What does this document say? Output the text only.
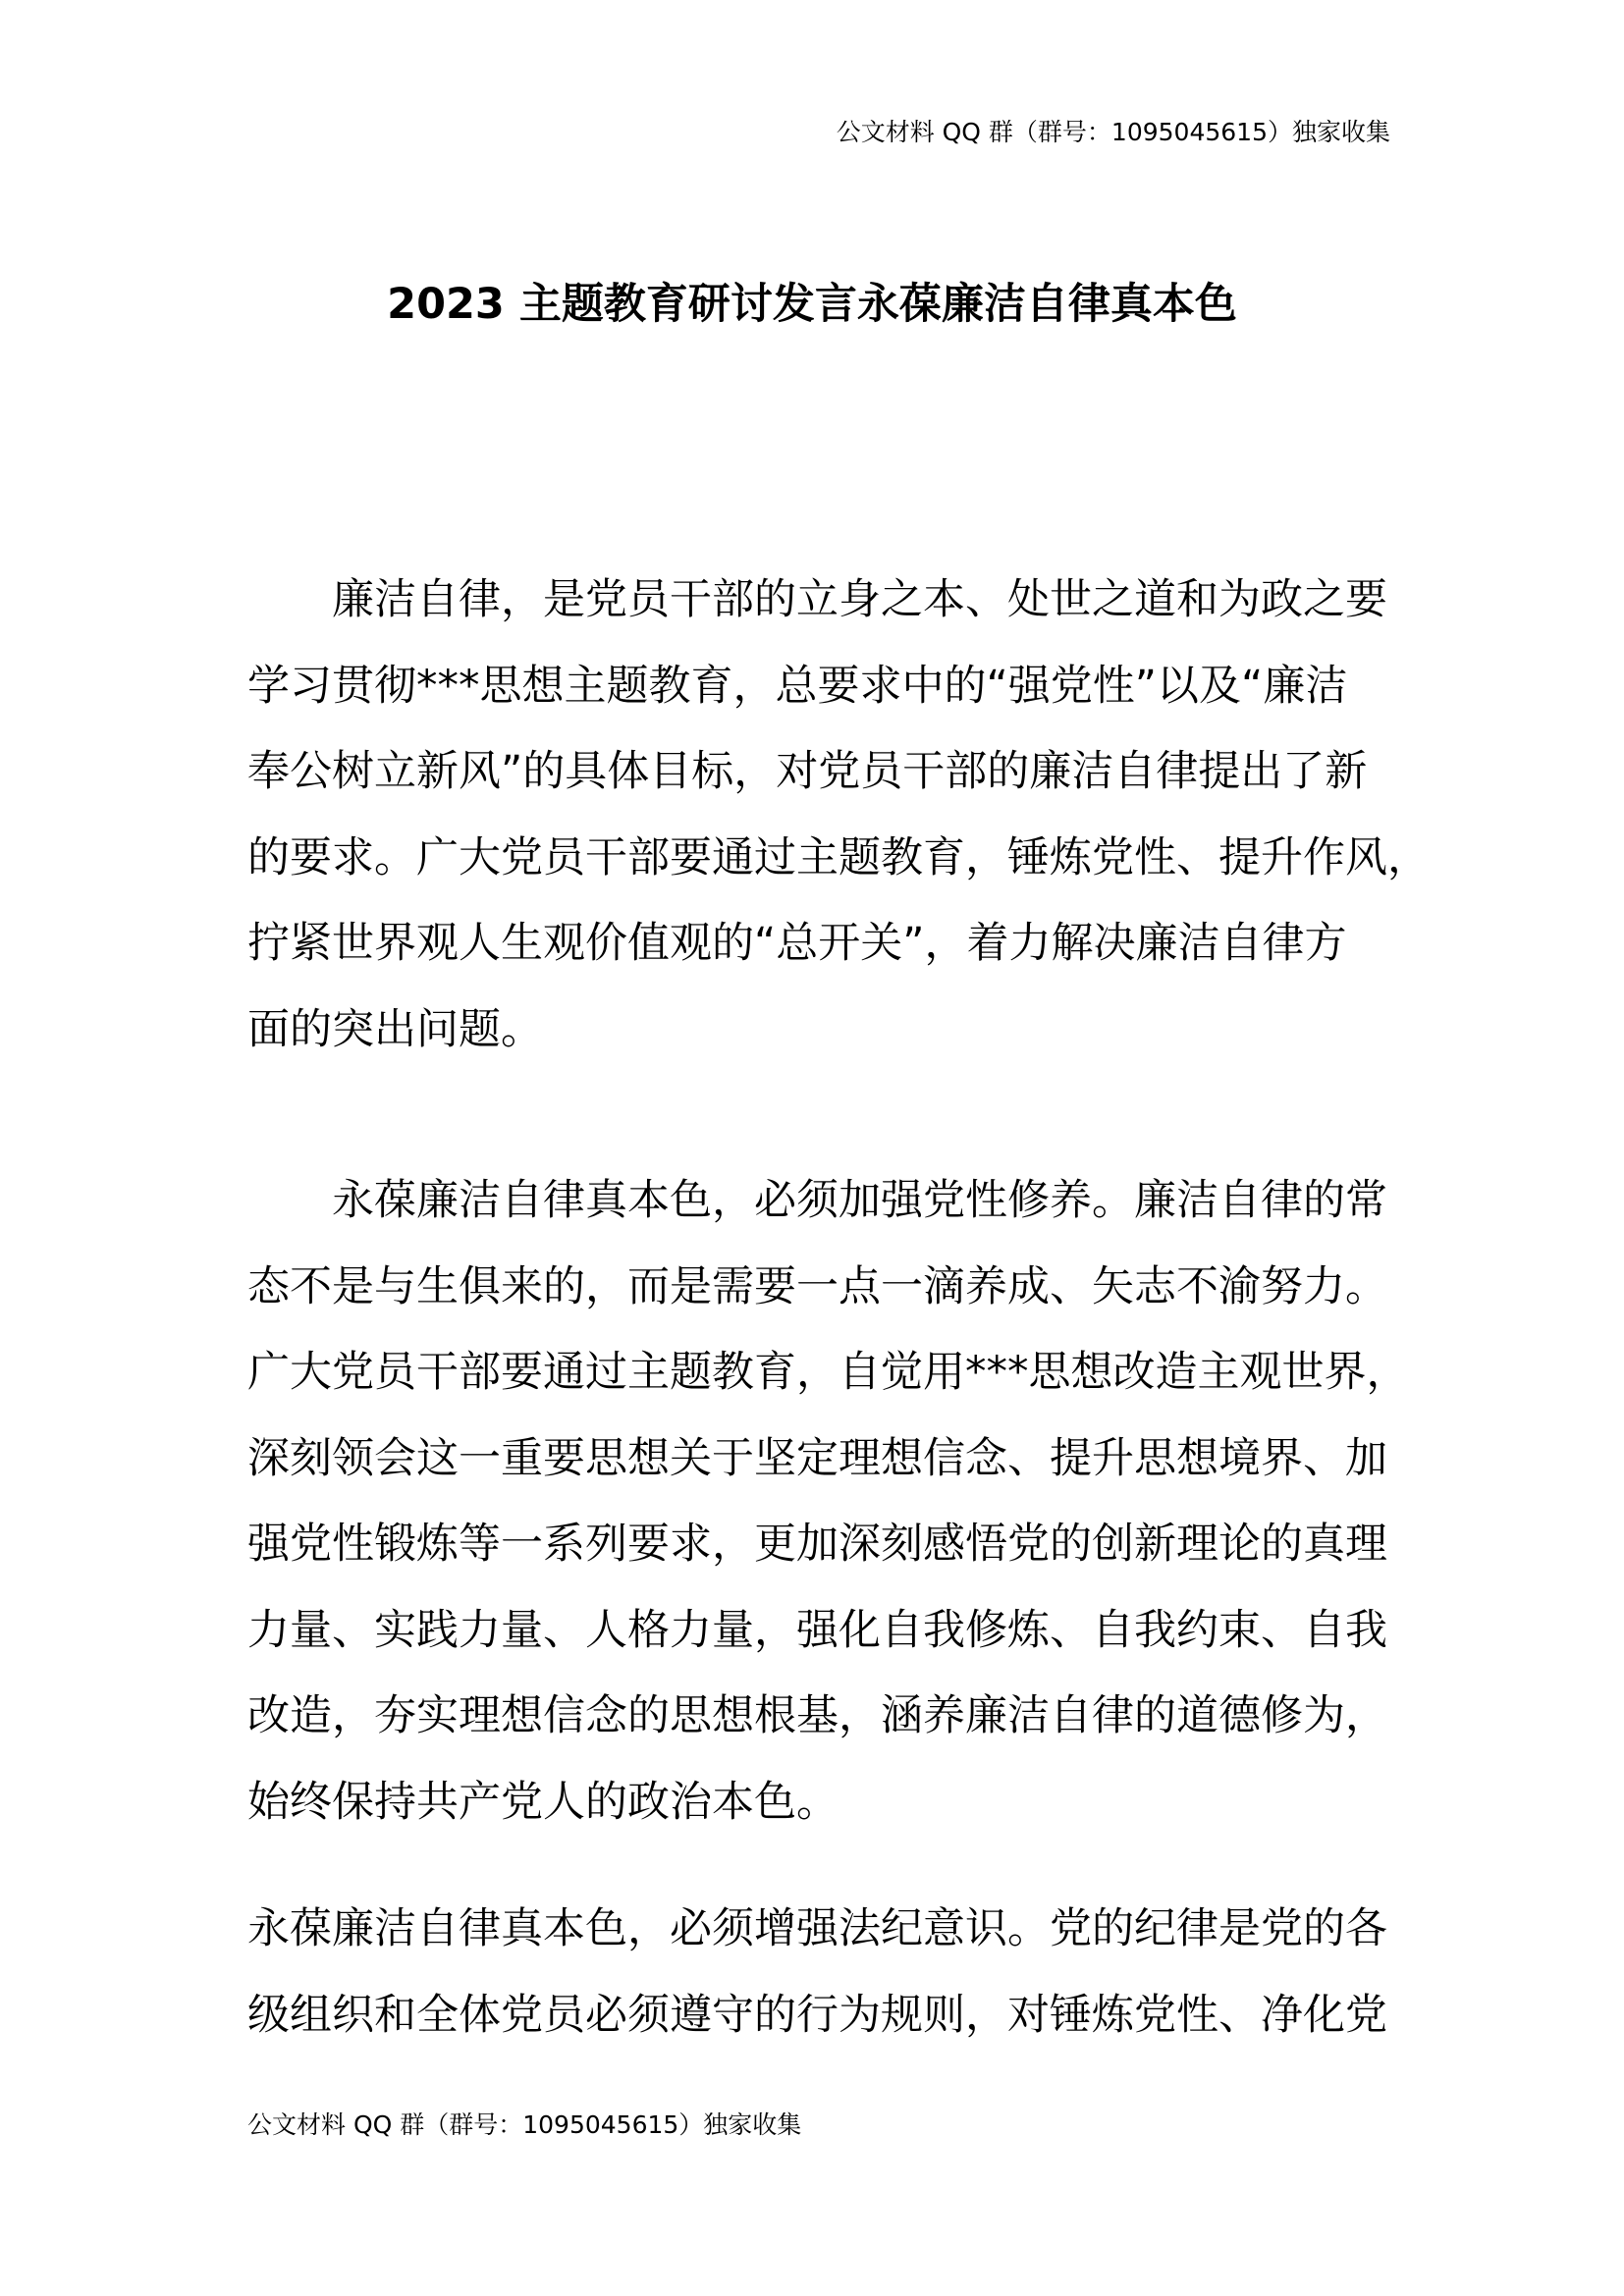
公文材料 QQ 群（群号：1095045615）独家收集
2023 主题教育研讨发言永葆廉洁自律真本色
廉洁自律，是党员干部的立身之本、处世之道和为政之要
学习贯彻***思想主题教育，总要求中的“强党性”以及“廉洁
奉公树立新风”的具体目标，对党员干部的廉洁自律提出了新
的要求。广大党员干部要通过主题教育，锤炼党性、提升作风，
拧紧世界观人生观价值观的“总开关”，着力解决廉洁自律方
面的突出问题。
永葆廉洁自律真本色，必须加强党性修养。廉洁自律的常
态不是与生俱来的，而是需要一点一滴养成、矢志不渝努力。
广大党员干部要通过主题教育，自觉用***思想改造主观世界，
深刻领会这一重要思想关于坚定理想信念、提升思想境界、加
强党性锻炼等一系列要求，更加深刻感悟党的创新理论的真理
力量、实践力量、人格力量，强化自我修炼、自我约束、自我
改造，夯实理想信念的思想根基，涵养廉洁自律的道德修为，
始终保持共产党人的政治本色。
永葆廉洁自律真本色，必须增强法纪意识。党的纪律是党的各
级组织和全体党员必须遵守的行为规则，对锤炼党性、净化党
公文材料 QQ 群（群号：1095045615）独家收集
